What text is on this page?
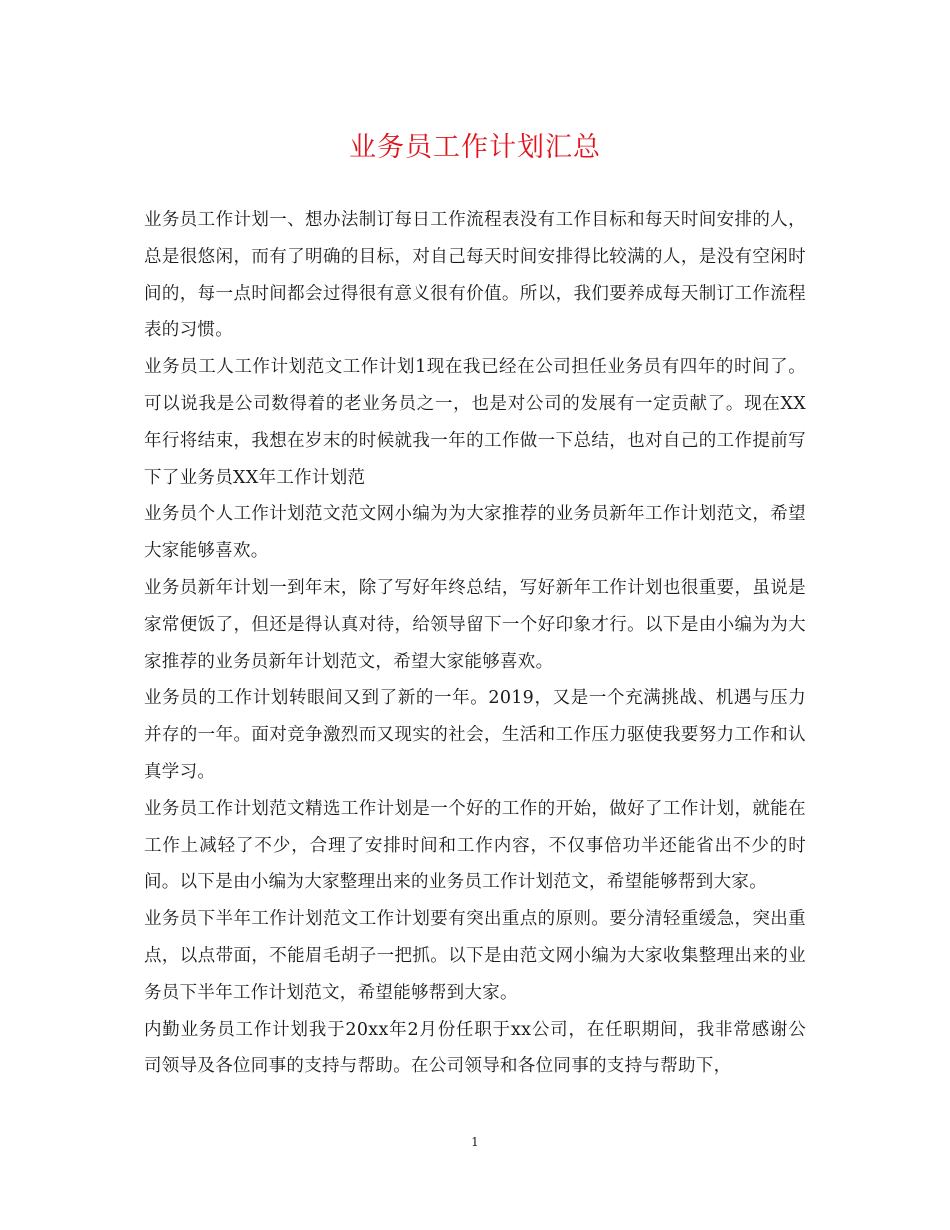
业务员工作计划汇总

业务员工作计划一、想办法制订每日工作流程表没有工作目标和每天时间安排的人，总是很悠闲，而有了明确的目标，对自己每天时间安排得比较满的人，是没有空闲时间的，每一点时间都会过得很有意义很有价值。所以，我们要养成每天制订工作流程表的习惯。

业务员工人工作计划范文工作计划1现在我已经在公司担任业务员有四年的时间了。可以说我是公司数得着的老业务员之一，也是对公司的发展有一定贡献了。现在XX年行将结束，我想在岁末的时候就我一年的工作做一下总结，也对自己的工作提前写下了业务员XX年工作计划范

业务员个人工作计划范文范文网小编为为大家推荐的业务员新年工作计划范文，希望大家能够喜欢。

业务员新年计划一到年末，除了写好年终总结，写好新年工作计划也很重要，虽说是家常便饭了，但还是得认真对待，给领导留下一个好印象才行。以下是由小编为为大家推荐的业务员新年计划范文，希望大家能够喜欢。

业务员的工作计划转眼间又到了新的一年。2019，又是一个充满挑战、机遇与压力并存的一年。面对竞争激烈而又现实的社会，生活和工作压力驱使我要努力工作和认真学习。

业务员工作计划范文精选工作计划是一个好的工作的开始，做好了工作计划，就能在工作上减轻了不少，合理了安排时间和工作内容，不仅事倍功半还能省出不少的时间。以下是由小编为大家整理出来的业务员工作计划范文，希望能够帮到大家。

业务员下半年工作计划范文工作计划要有突出重点的原则。要分清轻重缓急，突出重点，以点带面，不能眉毛胡子一把抓。以下是由范文网小编为大家收集整理出来的业务员下半年工作计划范文，希望能够帮到大家。

内勤业务员工作计划我于20xx年2月份任职于xx公司，在任职期间，我非常感谢公司领导及各位同事的支持与帮助。在公司领导和各位同事的支持与帮助下，

1
